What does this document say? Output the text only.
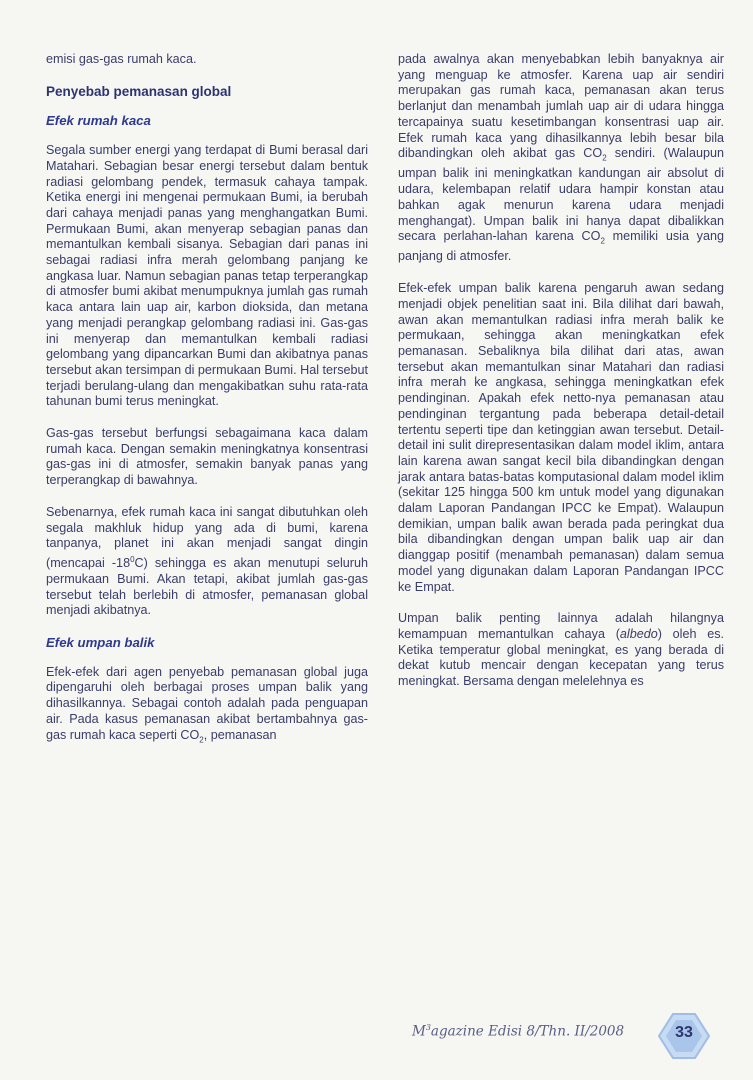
emisi gas-gas rumah kaca.

Penyebab pemanasan global
Efek rumah kaca

Segala sumber energi yang terdapat di Bumi berasal dari Matahari. Sebagian besar energi tersebut dalam bentuk radiasi gelombang pendek, termasuk cahaya tampak. Ketika energi ini mengenai permukaan Bumi, ia berubah dari cahaya menjadi panas yang menghangatkan Bumi. Permukaan Bumi, akan menyerap sebagian panas dan memantulkan kembali sisanya. Sebagian dari panas ini sebagai radiasi infra merah gelombang panjang ke angkasa luar. Namun sebagian panas tetap terperangkap di atmosfer bumi akibat menumpuknya jumlah gas rumah kaca antara lain uap air, karbon dioksida, dan metana yang menjadi perangkap gelombang radiasi ini. Gas-gas ini menyerap dan memantulkan kembali radiasi gelombang yang dipancarkan Bumi dan akibatnya panas tersebut akan tersimpan di permukaan Bumi. Hal tersebut terjadi berulang-ulang dan mengakibatkan suhu rata-rata tahunan bumi terus meningkat.

Gas-gas tersebut berfungsi sebagaimana kaca dalam rumah kaca. Dengan semakin meningkatnya konsentrasi gas-gas ini di atmosfer, semakin banyak panas yang terperangkap di bawahnya.

Sebenarnya, efek rumah kaca ini sangat dibutuhkan oleh segala makhluk hidup yang ada di bumi, karena tanpanya, planet ini akan menjadi sangat dingin (mencapai $-18^0C$) sehingga es akan menutupi seluruh permukaan Bumi. Akan tetapi, akibat jumlah gas-gas tersebut telah berlebih di atmosfer, pemanasan global menjadi akibatnya.

Efek umpan balik

Efek-efek dari agen penyebab pemanasan global juga dipengaruhi oleh berbagai proses umpan balik yang dihasilkannya. Sebagai contoh adalah pada penguapan air. Pada kasus pemanasan akibat bertambahnya gas-gas rumah kaca seperti $CO_2$, pemanasan

pada awalnya akan menyebabkan lebih banyaknya air yang menguap ke atmosfer. Karena uap air sendiri merupakan gas rumah kaca, pemanasan akan terus berlanjut dan menambah jumlah uap air di udara hingga tercapainya suatu kesetimbangan konsentrasi uap air. Efek rumah kaca yang dihasilkannya lebih besar bila dibandingkan oleh akibat gas $CO_2$ sendiri. (Walaupun umpan balik ini meningkatkan kandungan air absolut di udara, kelembapan relatif udara hampir konstan atau bahkan agak menurun karena udara menjadi menghangat). Umpan balik ini hanya dapat dibalikkan secara perlahan-lahan karena $CO_2$ memiliki usia yang panjang di atmosfer.

Efek-efek umpan balik karena pengaruh awan sedang menjadi objek penelitian saat ini. Bila dilihat dari bawah, awan akan memantulkan radiasi infra merah balik ke permukaan, sehingga akan meningkatkan efek pemanasan. Sebaliknya bila dilihat dari atas, awan tersebut akan memantulkan sinar Matahari dan radiasi infra merah ke angkasa, sehingga meningkatkan efek pendinginan. Apakah efek netto-nya pemanasan atau pendinginan tergantung pada beberapa detail-detail tertentu seperti tipe dan ketinggian awan tersebut. Detail-detail ini sulit direpresentasikan dalam model iklim, antara lain karena awan sangat kecil bila dibandingkan dengan jarak antara batas-batas komputasional dalam model iklim (sekitar 125 hingga 500 km untuk model yang digunakan dalam Laporan Pandangan IPCC ke Empat). Walaupun demikian, umpan balik awan berada pada peringkat dua bila dibandingkan dengan umpan balik uap air dan dianggap positif (menambah pemanasan) dalam semua model yang digunakan dalam Laporan Pandangan IPCC ke Empat.

Umpan balik penting lainnya adalah hilangnya kemampuan memantulkan cahaya (albedo) oleh es. Ketika temperatur global meningkat, es yang berada di dekat kutub mencair dengan kecepatan yang terus meningkat. Bersama dengan melelehnya es

$M^3agazine$ Edisi 8/Thn. II/2008	33
